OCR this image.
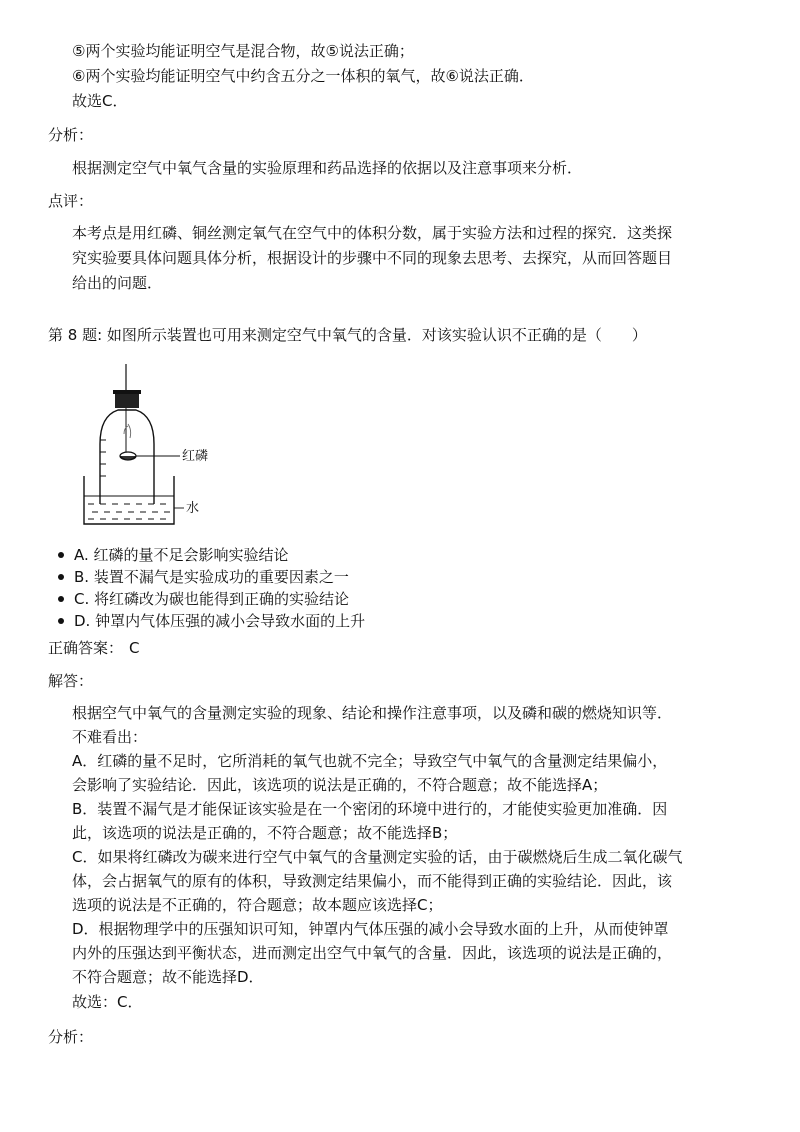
⑤两个实验均能证明空气是混合物，故⑤说法正确；
⑥两个实验均能证明空气中约含五分之一体积的氧气，故⑥说法正确．
故选C．
分析：
根据测定空气中氧气含量的实验原理和药品选择的依据以及注意事项来分析．
点评：
本考点是用红磷、铜丝测定氧气在空气中的体积分数，属于实验方法和过程的探究．这类探
究实验要具体问题具体分析，根据设计的步骤中不同的现象去思考、去探究，从而回答题目
给出的问题．
第 8 题: 如图所示装置也可用来测定空气中氧气的含量．对该实验认识不正确的是（　　）
红磷
水
A. 红磷的量不足会影响实验结论
B. 装置不漏气是实验成功的重要因素之一
C. 将红磷改为碳也能得到正确的实验结论
D. 钟罩内气体压强的减小会导致水面的上升
正确答案： C
解答：
根据空气中氧气的含量测定实验的现象、结论和操作注意事项，以及磷和碳的燃烧知识等．
不难看出：
A．红磷的量不足时，它所消耗的氧气也就不完全；导致空气中氧气的含量测定结果偏小，
会影响了实验结论．因此，该选项的说法是正确的，不符合题意；故不能选择A；
B．装置不漏气是才能保证该实验是在一个密闭的环境中进行的，才能使实验更加准确．因
此，该选项的说法是正确的，不符合题意；故不能选择B；
C．如果将红磷改为碳来进行空气中氧气的含量测定实验的话，由于碳燃烧后生成二氧化碳气
体，会占据氧气的原有的体积，导致测定结果偏小，而不能得到正确的实验结论．因此，该
选项的说法是不正确的，符合题意；故本题应该选择C；
D．根据物理学中的压强知识可知，钟罩内气体压强的减小会导致水面的上升，从而使钟罩
内外的压强达到平衡状态，进而测定出空气中氧气的含量．因此，该选项的说法是正确的，
不符合题意；故不能选择D．
故选：C．
分析：
